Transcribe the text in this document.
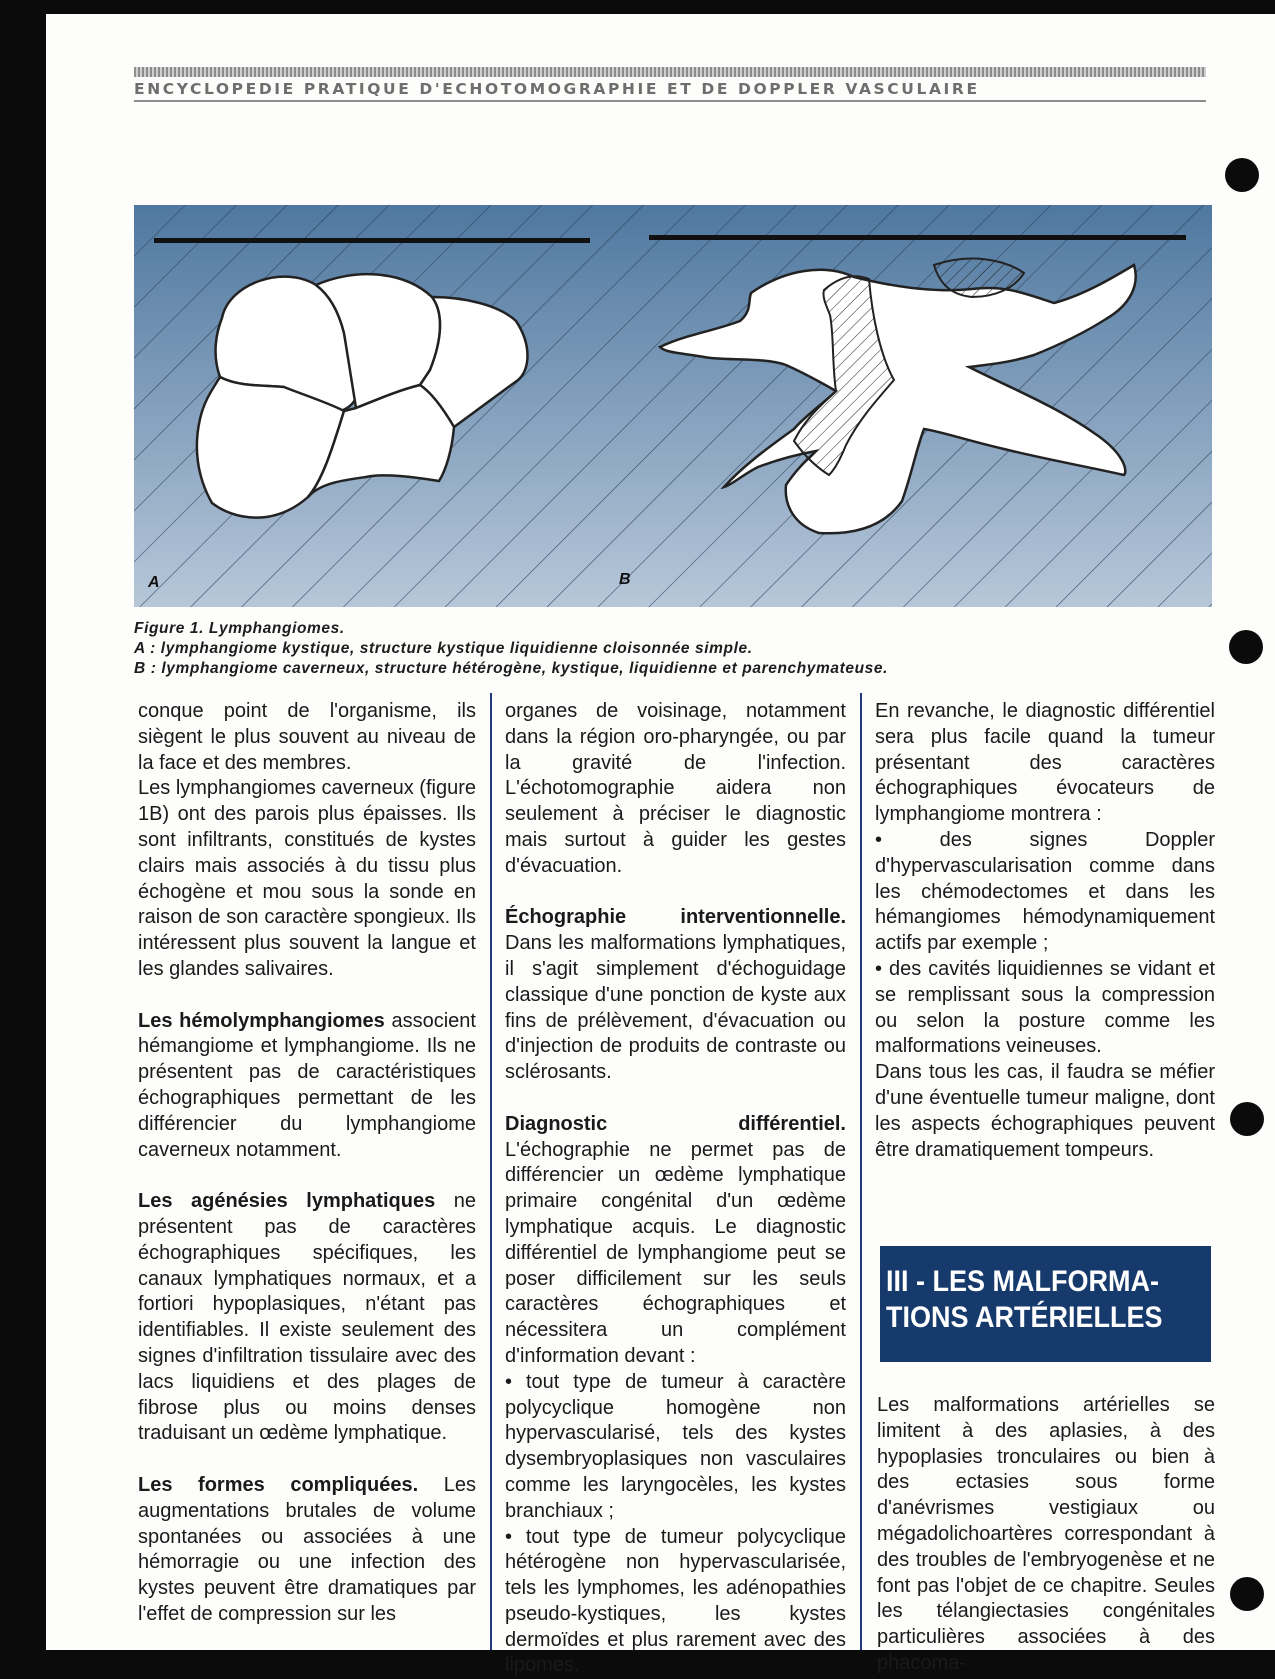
ENCYCLOPEDIE PRATIQUE D'ECHOTOMOGRAPHIE ET DE DOPPLER VASCULAIRE
A	B
Figure 1. Lymphangiomes.
A : lymphangiome kystique, structure kystique liquidienne cloisonnée simple.
B : lymphangiome caverneux, structure hétérogène, kystique, liquidienne et parenchymateuse.

conque point de l'organisme, ils siègent le plus souvent au niveau de la face et des membres.

Les lymphangiomes caverneux (figure 1B) ont des parois plus épaisses. Ils sont infiltrants, constitués de kystes clairs mais associés à du tissu plus échogène et mou sous la sonde en raison de son caractère spongieux. Ils intéressent plus souvent la langue et les glandes salivaires.

Les hémolymphangiomes associent hémangiome et lymphangiome. Ils ne présentent pas de caractéristiques échographiques permettant de les différencier du lymphangiome caverneux notamment.

Les agénésies lymphatiques ne présentent pas de caractères échographiques spécifiques, les canaux lymphatiques normaux, et a fortiori hypoplasiques, n'étant pas identifiables. Il existe seulement des signes d'infiltration tissulaire avec des lacs liquidiens et des plages de fibrose plus ou moins denses traduisant un œdème lymphatique.

Les formes compliquées. Les augmentations brutales de volume spontanées ou associées à une hémorragie ou une infection des kystes peuvent être dramatiques par l'effet de compression sur les

organes de voisinage, notamment dans la région oro-pharyngée, ou par la gravité de l'infection. L'échotomographie aidera non seulement à préciser le diagnostic mais surtout à guider les gestes d'évacuation.

Échographie interventionnelle. Dans les malformations lymphatiques, il s'agit simplement d'échoguidage classique d'une ponction de kyste aux fins de prélèvement, d'évacuation ou d'injection de produits de contraste ou sclérosants.

Diagnostic différentiel. L'échographie ne permet pas de différencier un œdème lymphatique primaire congénital d'un œdème lymphatique acquis. Le diagnostic différentiel de lymphangiome peut se poser difficilement sur les seuls caractères échographiques et nécessitera un complément d'information devant :

• tout type de tumeur à caractère polycyclique homogène non hypervascularisé, tels des kystes dysembryoplasiques non vasculaires comme les laryngocèles, les kystes branchiaux ;

• tout type de tumeur polycyclique hétérogène non hypervascularisée, tels les lymphomes, les adénopathies pseudo-kystiques, les kystes dermoïdes et plus rarement avec des lipomes.

En revanche, le diagnostic différentiel sera plus facile quand la tumeur présentant des caractères échographiques évocateurs de lymphangiome montrera :

• des signes Doppler d'hypervascularisation comme dans les chémodectomes et dans les hémangiomes hémodynamiquement actifs par exemple ;

• des cavités liquidiennes se vidant et se remplissant sous la compression ou selon la posture comme les malformations veineuses.

Dans tous les cas, il faudra se méfier d'une éventuelle tumeur maligne, dont les aspects échographiques peuvent être dramatiquement tompeurs.

III - LES MALFORMA-
TIONS ARTÉRIELLES

Les malformations artérielles se limitent à des aplasies, à des hypoplasies tronculaires ou bien à des ectasies sous forme d'anévrismes vestigiaux ou mégadolichoartères correspondant à des troubles de l'embryogenèse et ne font pas l'objet de ce chapitre. Seules les télangiectasies congénitales particulières associées à des phacoma-
